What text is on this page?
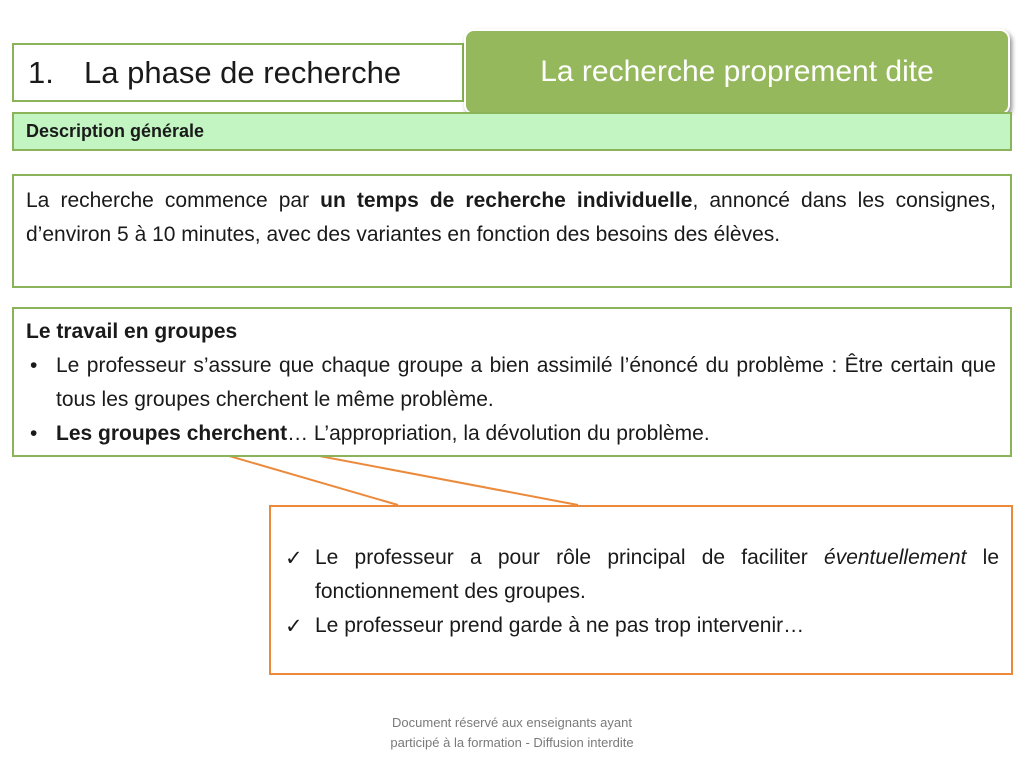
1. La phase de recherche	La recherche proprement dite
Description générale
La recherche commence par un temps de recherche individuelle, annoncé dans les consignes, d’environ 5 à 10 minutes, avec des variantes en fonction des besoins des élèves.
Le travail en groupes
• Le professeur s’assure que chaque groupe a bien assimilé l’énoncé du problème : Être certain que tous les groupes cherchent le même problème.
• Les groupes cherchent… L’appropriation, la dévolution du problème.
✓ Le professeur a pour rôle principal de faciliter éventuellement le fonctionnement des groupes.
✓ Le professeur prend garde à ne pas trop intervenir…
Document réservé aux enseignants ayant
participé à la formation - Diffusion interdite
